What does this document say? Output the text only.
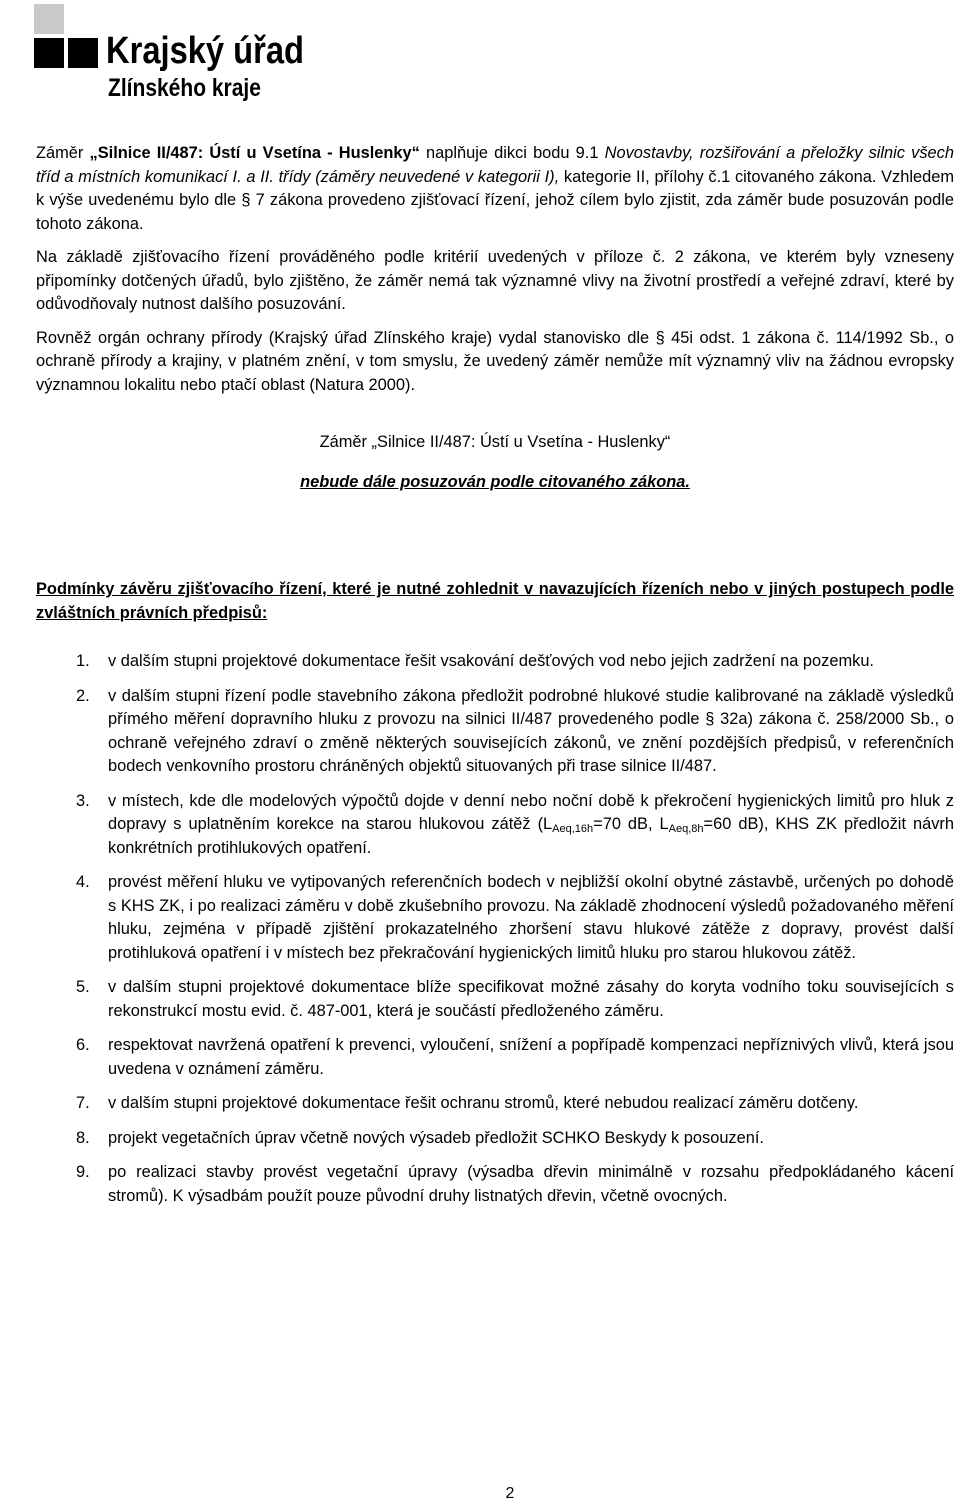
Krajský úřad
Zlínského kraje

Záměr „Silnice II/487: Ústí u Vsetína - Huslenky“ naplňuje dikci bodu 9.1 Novostavby, rozšiřování a přeložky silnic všech tříd a místních komunikací I. a II. třídy (záměry neuvedené v kategorii I), kategorie II, přílohy č.1 citovaného zákona. Vzhledem k výše uvedenému bylo dle § 7 zákona provedeno zjišťovací řízení, jehož cílem bylo zjistit, zda záměr bude posuzován podle tohoto zákona.

Na základě zjišťovacího řízení prováděného podle kritérií uvedených v příloze č. 2 zákona, ve kterém byly vzneseny připomínky dotčených úřadů, bylo zjištěno, že záměr nemá tak významné vlivy na životní prostředí a veřejné zdraví, které by odůvodňovaly nutnost dalšího posuzování.

Rovněž orgán ochrany přírody (Krajský úřad Zlínského kraje) vydal stanovisko dle § 45i odst. 1 zákona č. 114/1992 Sb., o ochraně přírody a krajiny, v platném znění, v tom smyslu, že uvedený záměr nemůže mít významný vliv na žádnou evropsky významnou lokalitu nebo ptačí oblast (Natura 2000).

Záměr „Silnice II/487: Ústí u Vsetína - Huslenky“

nebude dále posuzován podle citovaného zákona.

Podmínky závěru zjišťovacího řízení, které je nutné zohlednit v navazujících řízeních nebo v jiných postupech podle zvláštních právních předpisů:
1.	v dalším stupni projektové dokumentace řešit vsakování dešťových vod nebo jejich zadržení na pozemku.
2.	v dalším stupni řízení podle stavebního zákona předložit podrobné hlukové studie kalibrované na základě výsledků přímého měření dopravního hluku z provozu na silnici II/487 provedeného podle § 32a) zákona č. 258/2000 Sb., o ochraně veřejného zdraví o změně některých souvisejících zákonů, ve znění pozdějších předpisů, v referenčních bodech venkovního prostoru chráněných objektů situovaných při trase silnice II/487.
3.	v místech, kde dle modelových výpočtů dojde v denní nebo noční době k překročení hygienických limitů pro hluk z dopravy s uplatněním korekce na starou hlukovou zátěž ($L_{Aeq,16h}=70$ dB, $L_{Aeq,8h}=60$ dB), KHS ZK předložit návrh konkrétních protihlukových opatření.
4.	provést měření hluku ve vytipovaných referenčních bodech v nejbližší okolní obytné zástavbě, určených po dohodě s KHS ZK, i po realizaci záměru v době zkušebního provozu. Na základě zhodnocení výsledů požadovaného měření hluku, zejména v případě zjištění prokazatelného zhoršení stavu hlukové zátěže z dopravy, provést další protihluková opatření i v místech bez překračování hygienických limitů hluku pro starou hlukovou zátěž.
5.	v dalším stupni projektové dokumentace blíže specifikovat možné zásahy do koryta vodního toku souvisejících s rekonstrukcí mostu evid. č. 487-001, která je součástí předloženého záměru.
6.	respektovat navržená opatření k prevenci, vyloučení, snížení a popřípadě kompenzaci nepříznivých vlivů, která jsou uvedena v oznámení záměru.
7.	v dalším stupni projektové dokumentace řešit ochranu stromů, které nebudou realizací záměru dotčeny.
8.	projekt vegetačních úprav včetně nových výsadeb předložit SCHKO Beskydy k posouzení.
9.	po realizaci stavby provést vegetační úpravy (výsadba dřevin minimálně v rozsahu předpokládaného kácení stromů). K výsadbám použít pouze původní druhy listnatých dřevin, včetně ovocných.
2
